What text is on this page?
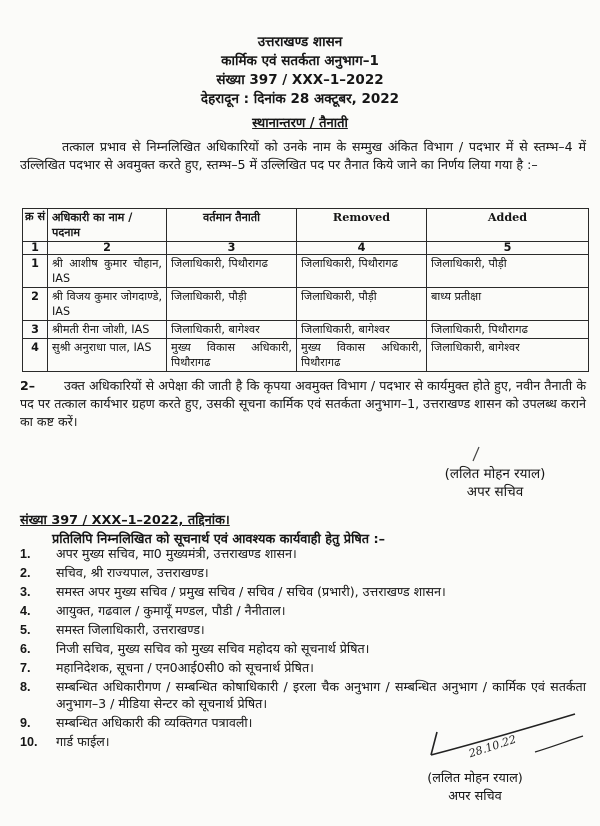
उत्तराखण्ड शासन
कार्मिक एवं सतर्कता अनुभाग–1
संख्या 397 / XXX–1–2022
देहरादून : दिनांक 28 अक्टूबर, 2022
स्थानान्तरण / तैनाती
तत्काल प्रभाव से निम्नलिखित अधिकारियों को उनके नाम के सम्मुख अंकित विभाग / पदभार में से स्तम्भ–4 में उल्लिखित पदभार से अवमुक्त करते हुए, स्तम्भ–5 में उल्लिखित पद पर तैनात किये जाने का निर्णय लिया गया है :–
क्र सं	अधिकारी का नाम / पदनाम	वर्तमान तैनाती	Removed	Added
1	2	3	4	5
1	श्री आशीष कुमार चौहान, IAS	जिलाधिकारी, पिथौरागढ	जिलाधिकारी, पिथौरागढ	जिलाधिकारी, पौड़ी
2	श्री विजय कुमार जोगदाण्डे, IAS	जिलाधिकारी, पौड़ी	जिलाधिकारी, पौड़ी	बाध्य प्रतीक्षा
3	श्रीमती रीना जोशी, IAS	जिलाधिकारी, बागेश्वर	जिलाधिकारी, बागेश्वर	जिलाधिकारी, पिथौरागढ
4	सुश्री अनुराधा पाल, IAS	मुख्य विकास अधिकारी, पिथौरागढ	मुख्य विकास अधिकारी, पिथौरागढ	जिलाधिकारी, बागेश्वर
2– उक्त अधिकारियों से अपेक्षा की जाती है कि कृपया अवमुक्त विभाग / पदभार से कार्यमुक्त होते हुए, नवीन तैनाती के पद पर तत्काल कार्यभार ग्रहण करते हुए, उसकी सूचना कार्मिक एवं सतर्कता अनुभाग–1, उत्तराखण्ड शासन को उपलब्ध कराने का कष्ट करें।
(ललित मोहन रयाल)
अपर सचिव
संख्या 397 / XXX–1–2022, तद्दिनांक।
प्रतिलिपि निम्नलिखित को सूचनार्थ एवं आवश्यक कार्यवाही हेतु प्रेषित :–
1.	अपर मुख्य सचिव, मा0 मुख्यमंत्री, उत्तराखण्ड शासन।
2.	सचिव, श्री राज्यपाल, उत्तराखण्ड।
3.	समस्त अपर मुख्य सचिव / प्रमुख सचिव / सचिव / सचिव (प्रभारी), उत्तराखण्ड शासन।
4.	आयुक्त, गढवाल / कुमायूँ मण्डल, पौडी / नैनीताल।
5.	समस्त जिलाधिकारी, उत्तराखण्ड।
6.	निजी सचिव, मुख्य सचिव को मुख्य सचिव महोदय को सूचनार्थ प्रेषित।
7.	महानिदेशक, सूचना / एन0आई0सी0 को सूचनार्थ प्रेषित।
8.	सम्बन्धित अधिकारीगण / सम्बन्धित कोषाधिकारी / इरला चैक अनुभाग / सम्बन्धित अनुभाग / कार्मिक एवं सतर्कता अनुभाग–3 / मीडिया सेन्टर को सूचनार्थ प्रेषित।
9.	सम्बन्धित अधिकारी की व्यक्तिगत पत्रावली।
10.	गार्ड फाईल।	28.10.22
(ललित मोहन रयाल)
अपर सचिव
